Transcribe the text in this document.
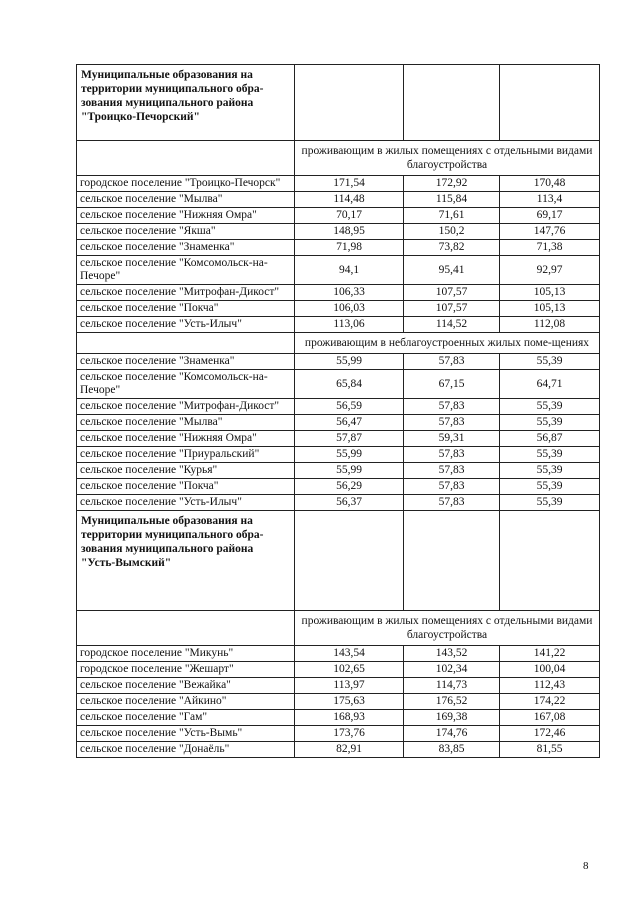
Муниципальные образования на территории муниципального обра-зования муниципального района "Троицко-Печорский"			
	проживающим в жилых помещениях с отдельными видами благоустройства		
городское поселение "Троицко-Печорск"	171,54	172,92	170,48
сельское поселение "Мылва"	114,48	115,84	113,4
сельское поселение "Нижняя Омра"	70,17	71,61	69,17
сельское поселение "Якша"	148,95	150,2	147,76
сельское поселение "Знаменка"	71,98	73,82	71,38
сельское поселение "Комсомольск-на-Печоре"	94,1	95,41	92,97
сельское поселение "Митрофан-Дикост"	106,33	107,57	105,13
сельское поселение "Покча"	106,03	107,57	105,13
сельское поселение "Усть-Илыч"	113,06	114,52	112,08
	проживающим в неблагоустроенных жилых поме-щениях		
сельское поселение "Знаменка"	55,99	57,83	55,39
сельское поселение "Комсомольск-на-Печоре"	65,84	67,15	64,71
сельское поселение "Митрофан-Дикост"	56,59	57,83	55,39
сельское поселение "Мылва"	56,47	57,83	55,39
сельское поселение "Нижняя Омра"	57,87	59,31	56,87
сельское поселение "Приуральский"	55,99	57,83	55,39
сельское поселение "Курья"	55,99	57,83	55,39
сельское поселение "Покча"	56,29	57,83	55,39
сельское поселение "Усть-Илыч"	56,37	57,83	55,39
Муниципальные образования на территории муниципального обра-зования муниципального района "Усть-Вымский"			
	проживающим в жилых помещениях с отдельными видами благоустройства		
городское поселение "Микунь"	143,54	143,52	141,22
городское поселение "Жешарт"	102,65	102,34	100,04
сельское поселение "Вежайка"	113,97	114,73	112,43
сельское поселение "Айкино"	175,63	176,52	174,22
сельское поселение "Гам"	168,93	169,38	167,08
сельское поселение "Усть-Вымь"	173,76	174,76	172,46
сельское поселение "Донаёль"	82,91	83,85	81,55
8
